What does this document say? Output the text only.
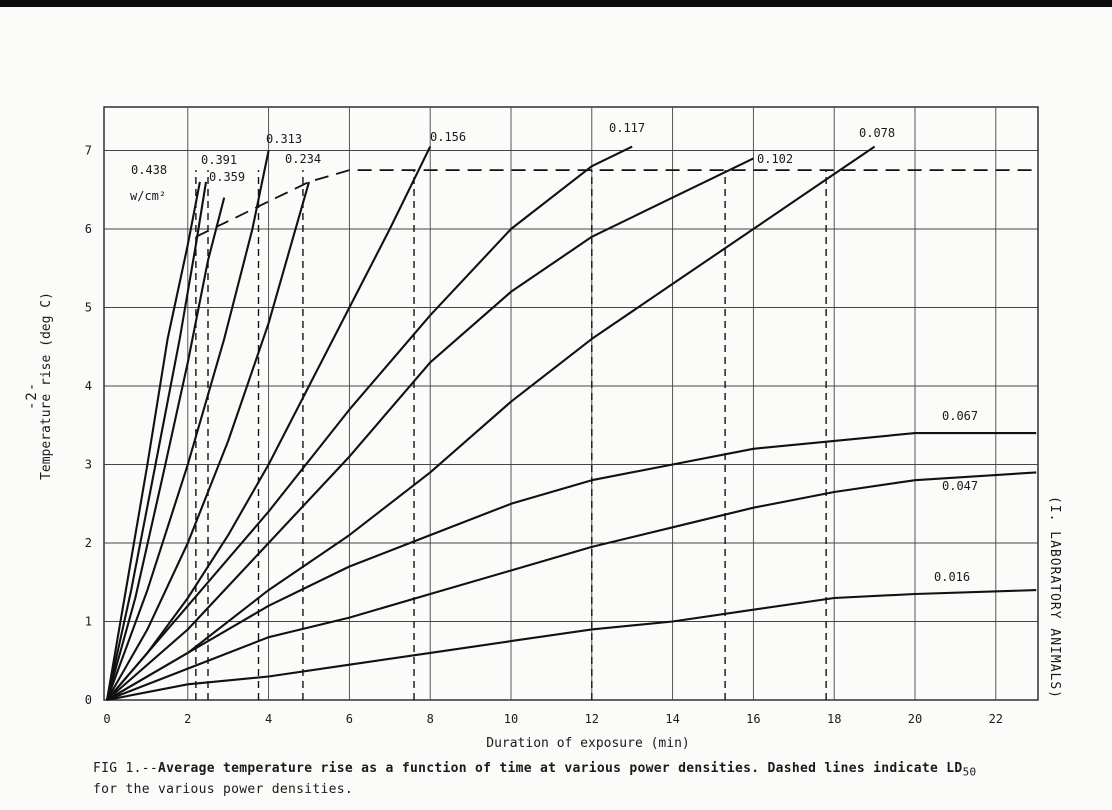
-2-
(I. LABORATORY ANIMALS)
0	2	4	6	8	10	12	14	16	18	20	22
0
1
2
3
4
5
6
7
0.438
0.391
0.359
0.313
0.234
0.156
0.117
0.102
0.078
0.067
0.047
0.016
Duration of exposure (min)
Temperature rise (deg C)
w/cm²
FIG 1.--Average temperature rise as a function of time at various power densities. Dashed lines indicate $LD_{50}$
for the various power densities.
